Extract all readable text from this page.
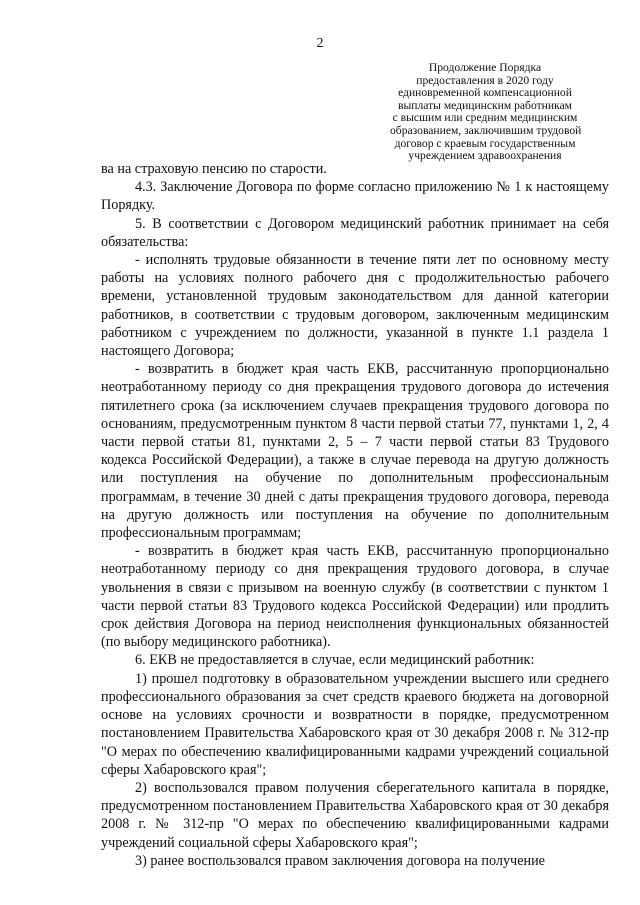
2
Продолжение Порядка
предоставления в 2020 году
единовременной компенсационной
выплаты медицинским работникам
с высшим или средним медицинским
образованием, заключившим трудовой
договор с краевым государственным
учреждением здравоохранения

ва на страховую пенсию по старости.

4.3. Заключение Договора по форме согласно приложению № 1 к настоящему Порядку.

5. В соответствии с Договором медицинский работник принимает на себя обязательства:

- исполнять трудовые обязанности в течение пяти лет по основному месту работы на условиях полного рабочего дня с продолжительностью рабочего времени, установленной трудовым законодательством для данной категории работников, в соответствии с трудовым договором, заключенным медицинским работником с учреждением по должности, указанной в пункте 1.1 раздела 1 настоящего Договора;

- возвратить в бюджет края часть ЕКВ, рассчитанную пропорционально неотработанному периоду со дня прекращения трудового договора до истечения пятилетнего срока (за исключением случаев прекращения трудового договора по основаниям, предусмотренным пунктом 8 части первой статьи 77, пунктами 1, 2, 4 части первой статьи 81, пунктами 2, 5 – 7 части первой статьи 83 Трудового кодекса Российской Федерации), а также в случае перевода на другую должность или поступления на обучение по дополнительным профессиональным программам, в течение 30 дней с даты прекращения трудового договора, перевода на другую должность или поступления на обучение по дополнительным профессиональным программам;

- возвратить в бюджет края часть ЕКВ, рассчитанную пропорционально неотработанному периоду со дня прекращения трудового договора, в случае увольнения в связи с призывом на военную службу (в соответствии с пунктом 1 части первой статьи 83 Трудового кодекса Российской Федерации) или продлить срок действия Договора на период неисполнения функциональных обязанностей (по выбору медицинского работника).

6. ЕКВ не предоставляется в случае, если медицинский работник:

1) прошел подготовку в образовательном учреждении высшего или среднего профессионального образования за счет средств краевого бюджета на договорной основе на условиях срочности и возвратности в порядке, предусмотренном постановлением Правительства Хабаровского края от 30 декабря 2008 г. № 312-пр "О мерах по обеспечению квалифицированными кадрами учреждений социальной сферы Хабаровского края";

2) воспользовался правом получения сберегательного капитала в порядке, предусмотренном постановлением Правительства Хабаровского края от 30 декабря 2008 г. № 312-пр "О мерах по обеспечению квалифицированными кадрами учреждений социальной сферы Хабаровского края";

3) ранее воспользовался правом заключения договора на получение
